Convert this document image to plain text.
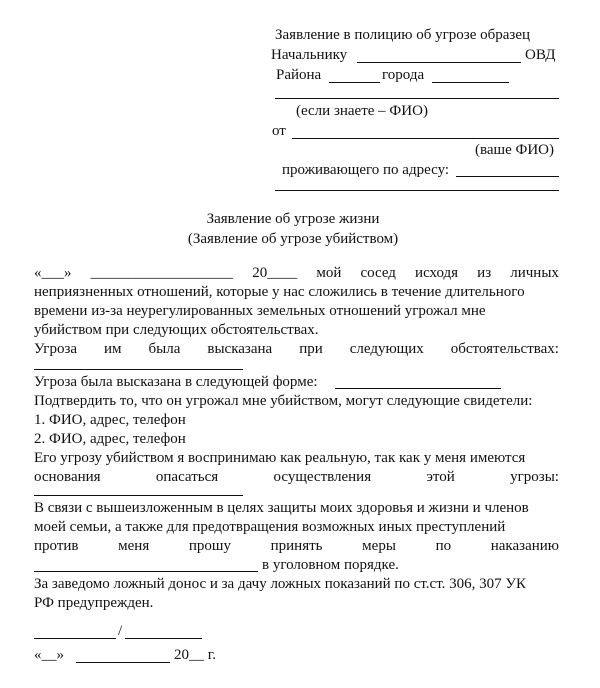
Заявление в полицию об угрозе образец
Начальнику	ОВД
Района	города
(если знаете – ФИО)
от
(ваше ФИО)
проживающего по адресу:
Заявление об угрозе жизни
(Заявление об угрозе убийством)
«___» ___________________ 20____ мой сосед исходя из личных
неприязненных отношений, которые у нас сложились в течение длительного
времени из-за неурегулированных земельных отношений угрожал мне
убийством при следующих обстоятельствах.
Угроза им была высказана при следующих обстоятельствах:
Угроза была высказана в следующей форме:
Подтвердить то, что он угрожал мне убийством, могут следующие свидетели:
1. ФИО, адрес, телефон
2. ФИО, адрес, телефон
Его угрозу убийством я воспринимаю как реальную, так как у меня имеются
основания	опасаться	осуществления	этой	угрозы:
В связи с вышеизложенным в целях защиты моих здоровья и жизни и членов
моей семьи, а также для предотвращения возможных иных преступлений
против	меня	прошу	принять	меры	по	наказанию
в уголовном порядке.
За заведомо ложный донос и за дачу ложных показаний по ст.ст. 306, 307 УК
РФ предупрежден.
/
«__»	20__ г.
